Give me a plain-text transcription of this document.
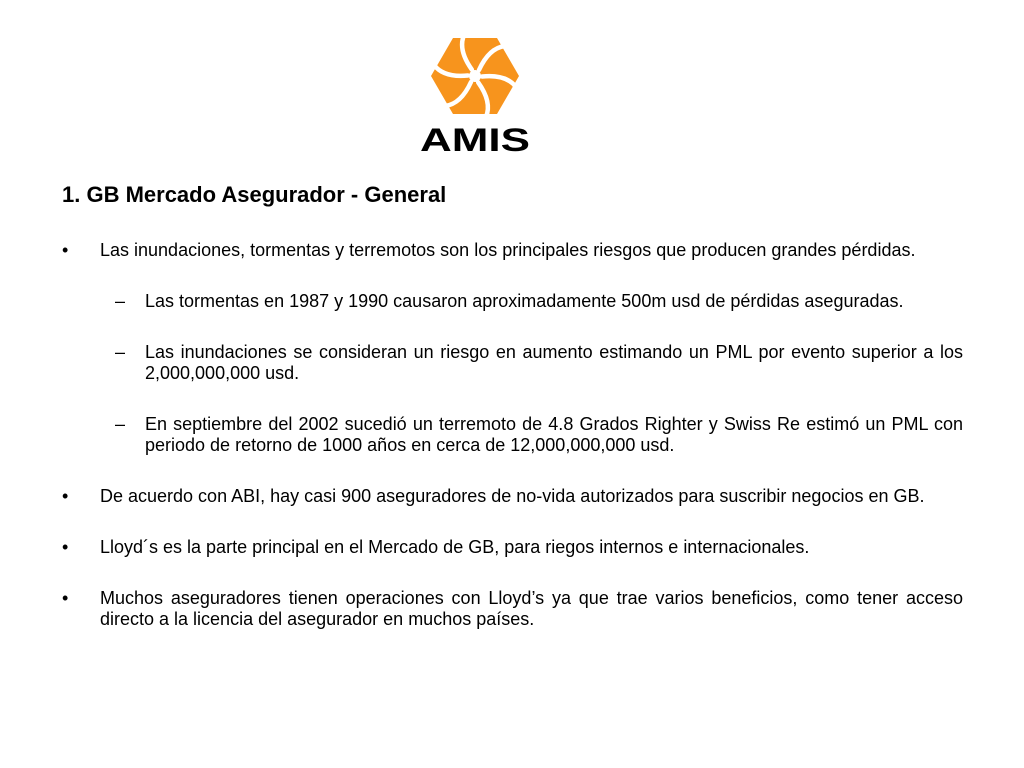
AMIS
1. GB Mercado Asegurador - General
• Las inundaciones, tormentas y terremotos son los principales riesgos que producen grandes pérdidas.
– Las tormentas en 1987 y 1990 causaron aproximadamente 500m usd de pérdidas aseguradas.
– Las inundaciones se consideran un riesgo en aumento estimando un PML por evento superior a los 2,000,000,000 usd.
– En septiembre del 2002 sucedió un terremoto de 4.8 Grados Righter y Swiss Re estimó un PML con periodo de retorno de 1000 años en cerca de 12,000,000,000 usd.
• De acuerdo con ABI, hay casi 900 aseguradores de no-vida autorizados para suscribir negocios en GB.
• Lloyd´s es la parte principal en el Mercado de GB, para riegos internos e internacionales.
• Muchos aseguradores tienen operaciones con Lloyd’s ya que trae varios beneficios, como tener acceso directo a la licencia del asegurador en muchos países.
